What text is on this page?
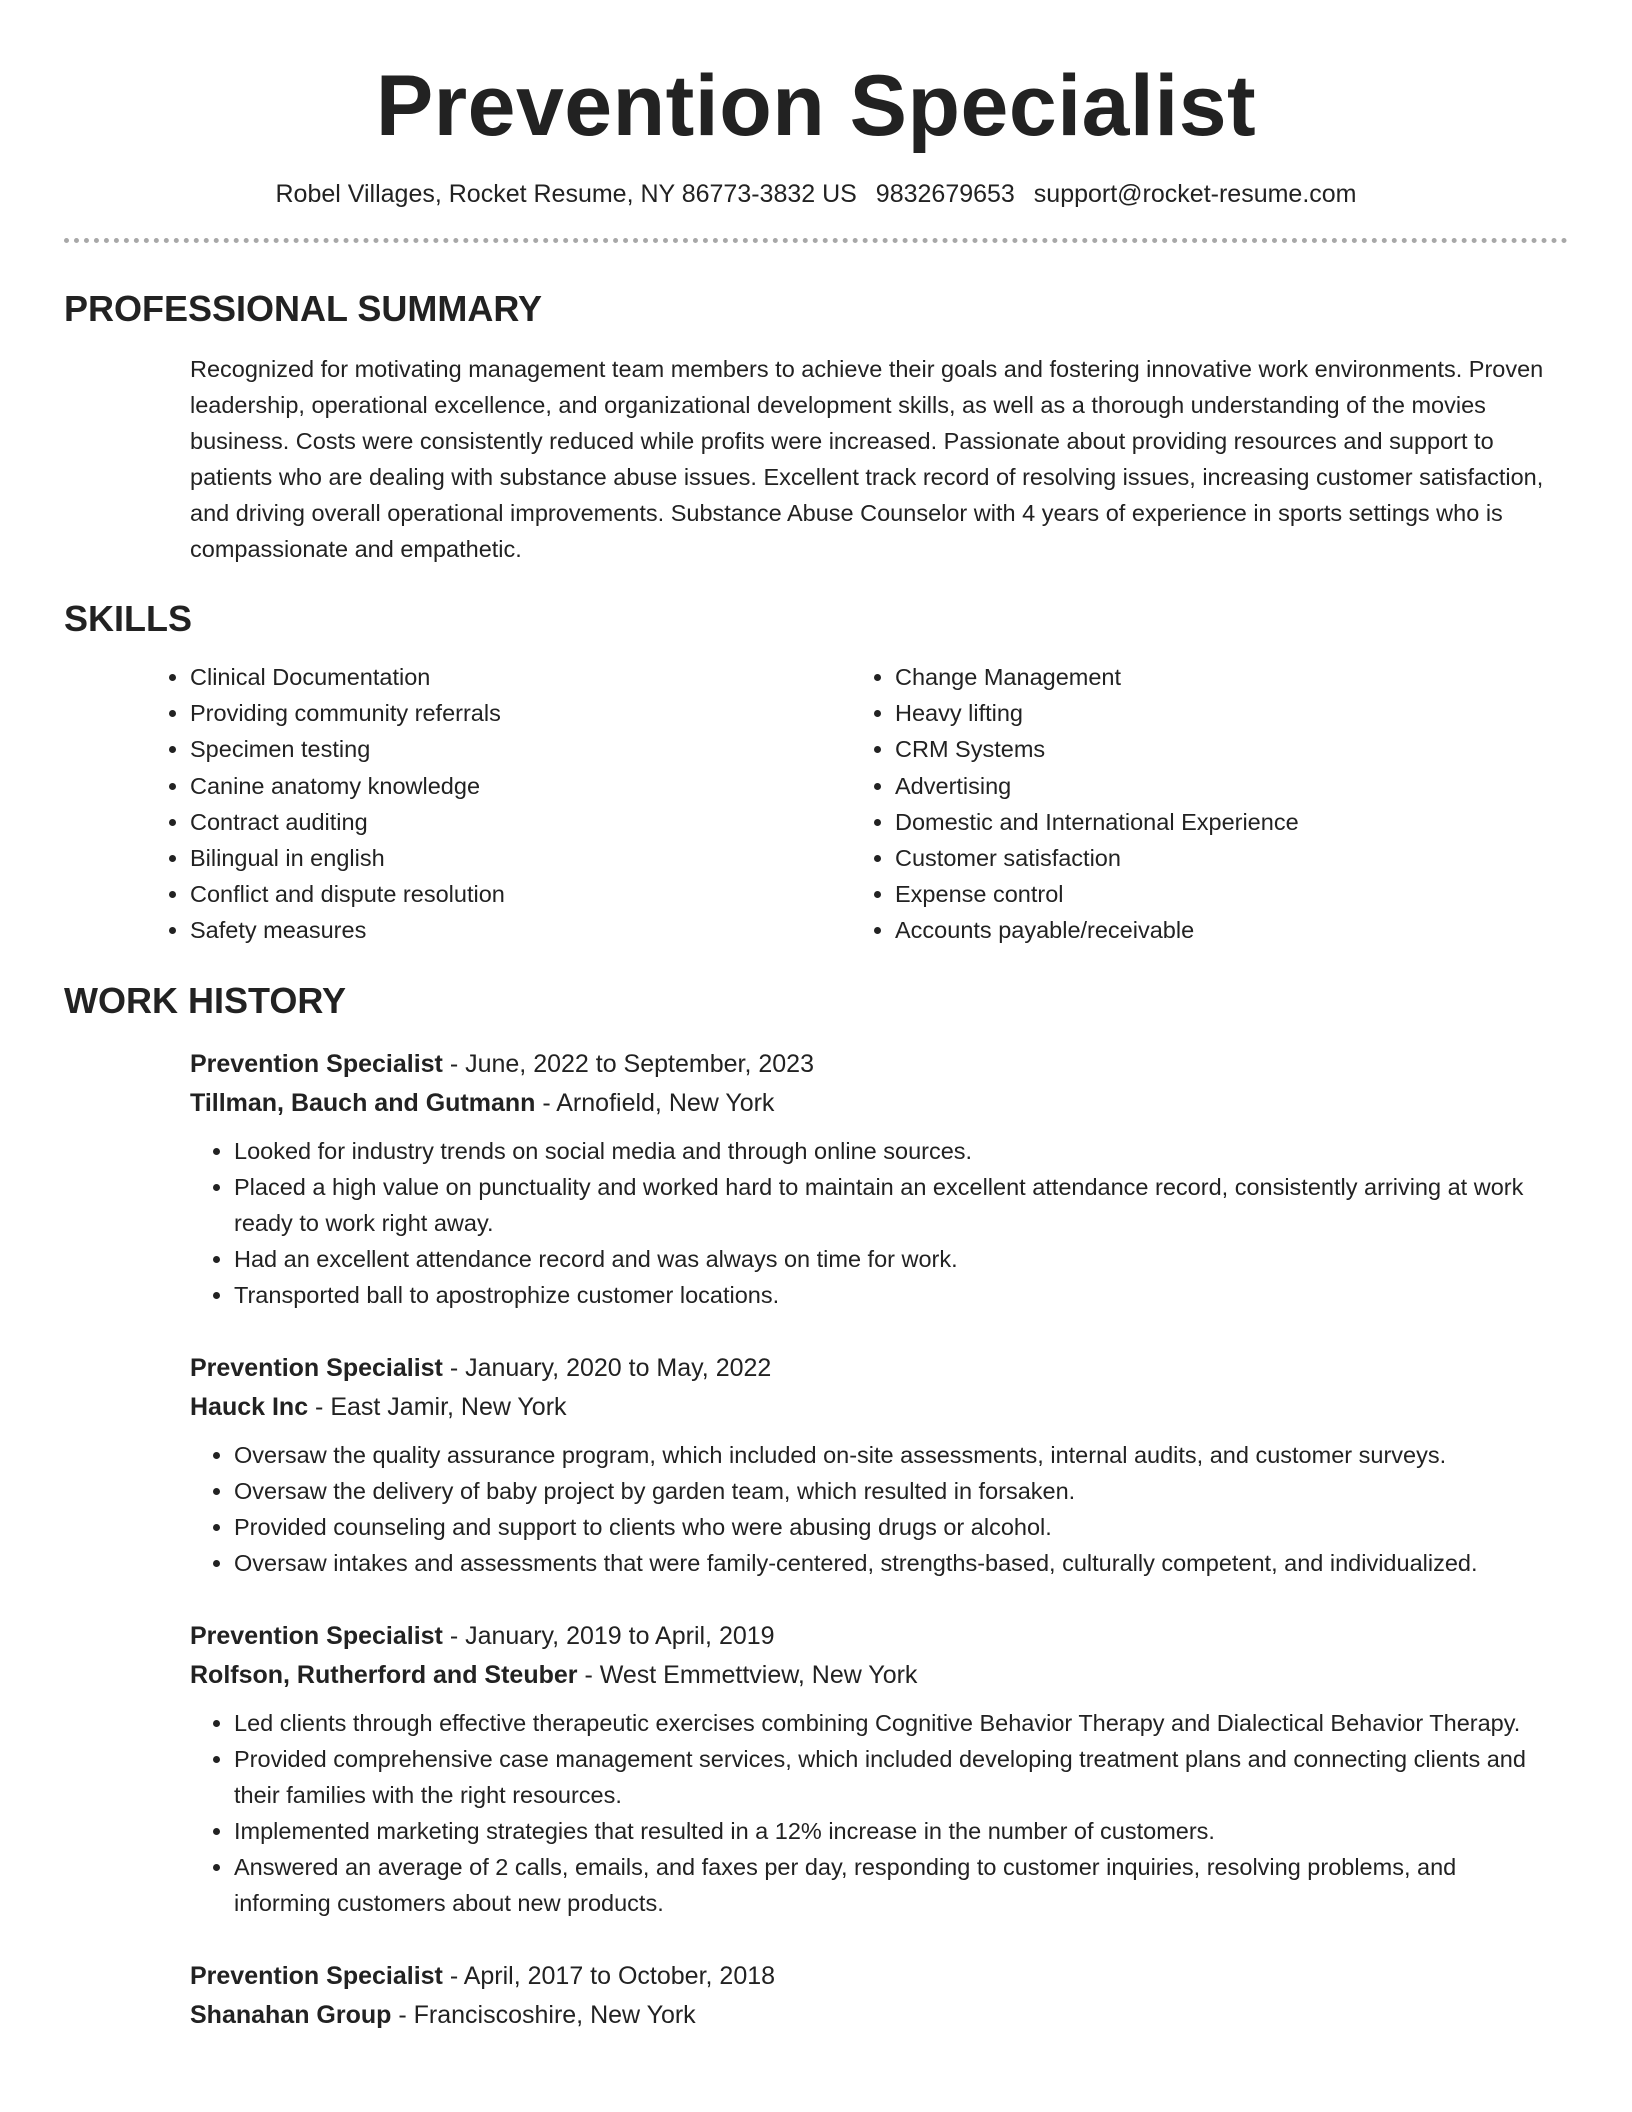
Prevention Specialist
Robel Villages, Rocket Resume, NY 86773-3832 US 9832679653 support@rocket-resume.com
PROFESSIONAL SUMMARY
Recognized for motivating management team members to achieve their goals and fostering innovative work environments. Proven leadership, operational excellence, and organizational development skills, as well as a thorough understanding of the movies business. Costs were consistently reduced while profits were increased. Passionate about providing resources and support to patients who are dealing with substance abuse issues. Excellent track record of resolving issues, increasing customer satisfaction, and driving overall operational improvements. Substance Abuse Counselor with 4 years of experience in sports settings who is compassionate and empathetic.
SKILLS
• Clinical Documentation
• Providing community referrals
• Specimen testing
• Canine anatomy knowledge
• Contract auditing
• Bilingual in english
• Conflict and dispute resolution
• Safety measures
• Change Management
• Heavy lifting
• CRM Systems
• Advertising
• Domestic and International Experience
• Customer satisfaction
• Expense control
• Accounts payable/receivable
WORK HISTORY
Prevention Specialist - June, 2022 to September, 2023
Tillman, Bauch and Gutmann - Arnofield, New York
• Looked for industry trends on social media and through online sources.
• Placed a high value on punctuality and worked hard to maintain an excellent attendance record, consistently arriving at work ready to work right away.
• Had an excellent attendance record and was always on time for work.
• Transported ball to apostrophize customer locations.
Prevention Specialist - January, 2020 to May, 2022
Hauck Inc - East Jamir, New York
• Oversaw the quality assurance program, which included on-site assessments, internal audits, and customer surveys.
• Oversaw the delivery of baby project by garden team, which resulted in forsaken.
• Provided counseling and support to clients who were abusing drugs or alcohol.
• Oversaw intakes and assessments that were family-centered, strengths-based, culturally competent, and individualized.
Prevention Specialist - January, 2019 to April, 2019
Rolfson, Rutherford and Steuber - West Emmettview, New York
• Led clients through effective therapeutic exercises combining Cognitive Behavior Therapy and Dialectical Behavior Therapy.
• Provided comprehensive case management services, which included developing treatment plans and connecting clients and their families with the right resources.
• Implemented marketing strategies that resulted in a 12% increase in the number of customers.
• Answered an average of 2 calls, emails, and faxes per day, responding to customer inquiries, resolving problems, and informing customers about new products.
Prevention Specialist - April, 2017 to October, 2018
Shanahan Group - Franciscoshire, New York
